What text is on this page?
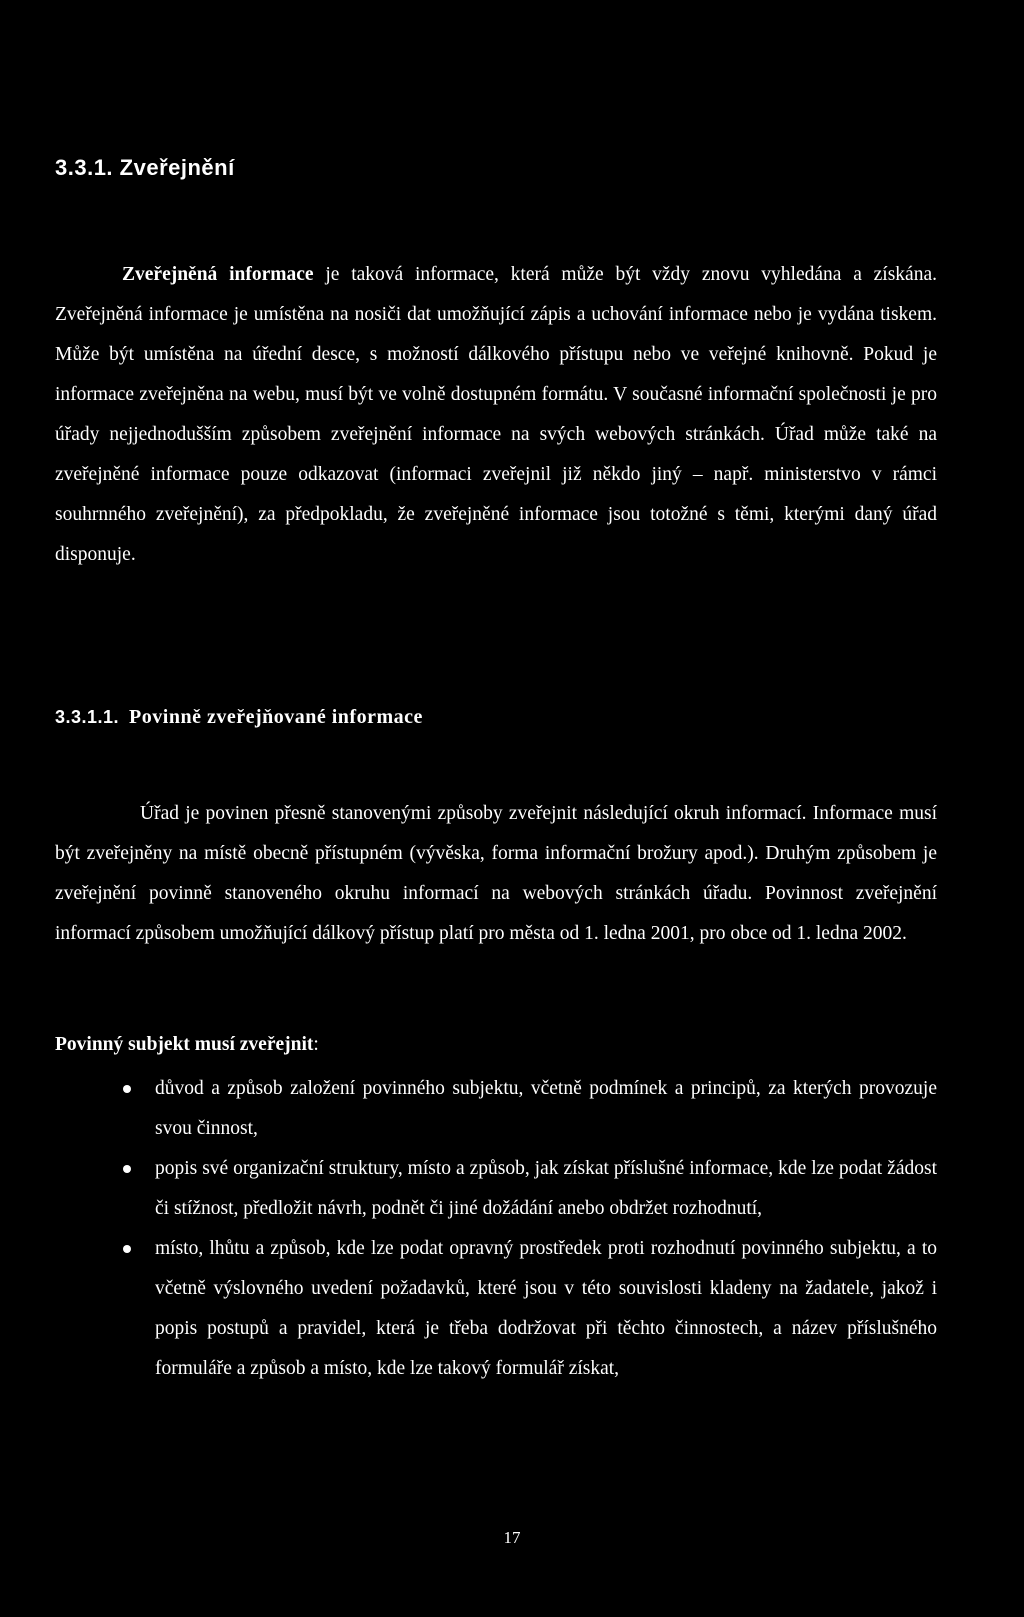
3.3.1. Zveřejnění

Zveřejněná informace je taková informace, která může být vždy znovu vyhledána a získána. Zveřejněná informace je umístěna na nosiči dat umožňující zápis a uchování informace nebo je vydána tiskem. Může být umístěna na úřední desce, s možností dálkového přístupu nebo ve veřejné knihovně. Pokud je informace zveřejněna na webu, musí být ve volně dostupném formátu. V současné informační společnosti je pro úřady nejjednodušším způsobem zveřejnění informace na svých webových stránkách. Úřad může také na zveřejněné informace pouze odkazovat (informaci zveřejnil již někdo jiný – např. ministerstvo v rámci souhrnného zveřejnění), za předpokladu, že zveřejněné informace jsou totožné s těmi, kterými daný úřad disponuje.

3.3.1.1. Povinně zveřejňované informace

Úřad je povinen přesně stanovenými způsoby zveřejnit následující okruh informací. Informace musí být zveřejněny na místě obecně přístupném (vývěska, forma informační brožury apod.). Druhým způsobem je zveřejnění povinně stanoveného okruhu informací na webových stránkách úřadu. Povinnost zveřejnění informací způsobem umožňující dálkový přístup platí pro města od 1. ledna 2001, pro obce od 1. ledna 2002.

Povinný subjekt musí zveřejnit:

důvod a způsob založení povinného subjektu, včetně podmínek a principů, za kterých provozuje svou činnost,
popis své organizační struktury, místo a způsob, jak získat příslušné informace, kde lze podat žádost či stížnost, předložit návrh, podnět či jiné dožádání anebo obdržet rozhodnutí,
místo, lhůtu a způsob, kde lze podat opravný prostředek proti rozhodnutí povinného subjektu, a to včetně výslovného uvedení požadavků, které jsou v této souvislosti kladeny na žadatele, jakož i popis postupů a pravidel, která je třeba dodržovat při těchto činnostech, a název příslušného formuláře a způsob a místo, kde lze takový formulář získat,
17
